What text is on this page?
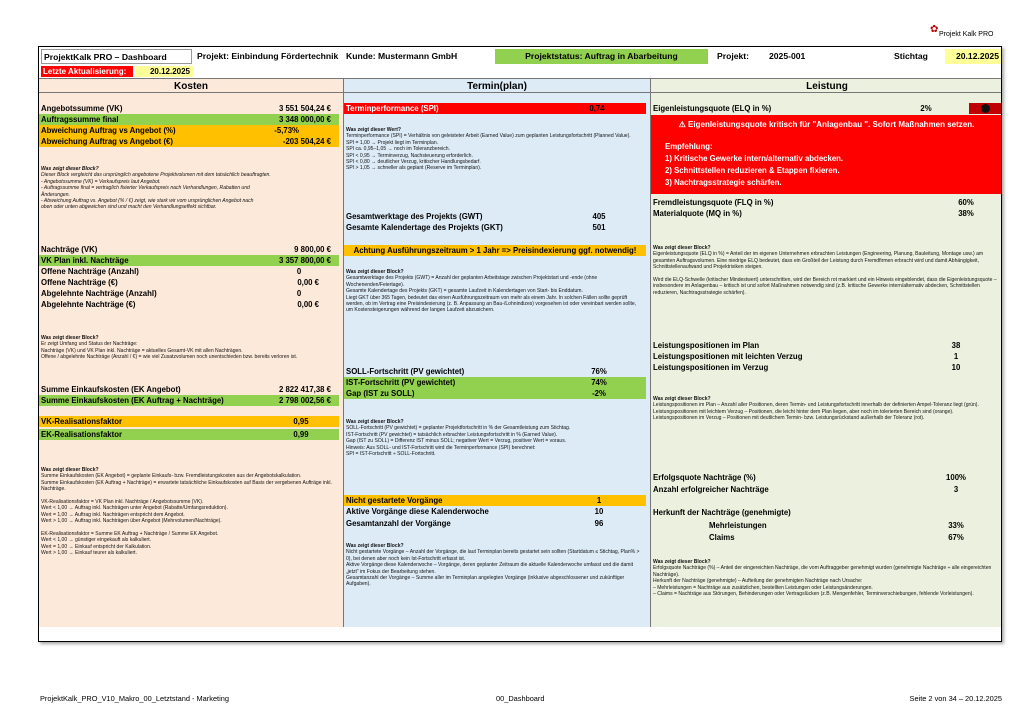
✿ Projekt Kalk PRO
ProjektKalk PRO – Dashboard	Projekt: Einbindung Fördertechnik Kunde: Mustermann GmbH	Projektstatus: Auftrag in Abarbeitung	Projekt:	2025-001	Stichtag	20.12.2025
Letzte Aktualisierung:	20.12.2025
Kosten	Termin(plan)	Leistung
Angebotssumme (VK)	3 551 504,24 €
Auftragssumme final	3 348 000,00 €
Abweichung Auftrag vs Angebot (%)	-5,73%
Abweichung Auftrag vs Angebot (€)	-203 504,24 €
Was zeigt dieser Block?
Dieser Block vergleicht das ursprünglich angebotene Projektvolumen mit dem tatsächlich beauftragten.
- Angebotssumme (VK) = Verkaufspreis laut Angebot.
- Auftragssumme final = vertraglich fixierter Verkaufspreis nach Verhandlungen, Rabatten und
Änderungen.
- Abweichung Auftrag vs. Angebot (% / €) zeigt, wie stark wir vom ursprünglichen Angebot nach
oben oder unten abgewichen sind und macht den Verhandlungseffekt sichtbar.
Nachträge (VK)	9 800,00 €
VK Plan inkl. Nachträge	3 357 800,00 €
Offene Nachträge (Anzahl)	0
Offene Nachträge (€)	0,00 €
Abgelehnte Nachträge (Anzahl)	0
Abgelehnte Nachträge (€)	0,00 €
Was zeigt dieser Block?
Er zeigt Umfang und Status der Nachträge:
Nachträge (VK) und VK Plan inkl. Nachträge = aktuelles Gesamt-VK mit allen Nachträgen.
Offene / abgelehnte Nachträge (Anzahl / €) = wie viel Zusatzvolumen noch unentschieden bzw. bereits verloren ist.
Summe Einkaufskosten (EK Angebot)	2 822 417,38 €
Summe Einkaufskosten (EK Auftrag + Nachträge)	2 798 002,56 €
VK-Realisationsfaktor	0,95
EK-Realisationsfaktor	0,99
Was zeigt dieser Block?
Summe Einkaufskosten (EK Angebot) = geplante Einkaufs- bzw. Fremdleistungskosten aus der Angebotskalkulation.
Summe Einkaufskosten (EK Auftrag + Nachträge) = erwartete tatsächliche Einkaufskosten auf Basis der vergebenen Aufträge inkl. Nachträge.

VK-Realisationsfaktor = VK Plan inkl. Nachträge / Angebotssumme (VK).
Wert < 1,00 → Auftrag inkl. Nachträgen unter Angebot (Rabatte/Umfangsreduktion).
Wert = 1,00 → Auftrag inkl. Nachträgen entspricht dem Angebot.
Wert > 1,00 → Auftrag inkl. Nachträgen über Angebot (Mehrvolumen/Nachträge).

EK-Realisationsfaktor = Summe EK Auftrag + Nachträge / Summe EK Angebot.
Wert < 1,00 → günstiger eingekauft als kalkuliert.
Wert = 1,00 → Einkauf entspricht der Kalkulation.
Wert > 1,00 → Einkauf teurer als kalkuliert.
Terminperformance (SPI)	0,74
Was zeigt dieser Wert?
Terminperformance (SPI) = Verhältnis von geleisteter Arbeit (Earned Value) zum geplanten Leistungsfortschritt (Planned Value).
SPI = 1,00 → Projekt liegt im Terminplan.
SPI ca. 0,95–1,05 → noch im Toleranzbereich.
SPI < 0,95 → Terminverzug, Nachsteuerung erforderlich.
SPI < 0,80 → deutlicher Verzug, kritischer Handlungsbedarf.
SPI > 1,05 → schneller als geplant (Reserve im Terminplan).
Gesamtwerktage des Projekts (GWT)	405
Gesamte Kalendertage des Projekts (GKT)	501
Achtung Ausführungszeitraum > 1 Jahr => Preisindexierung ggf. notwendig!
Was zeigt dieser Block?
Gesamtwerktage des Projekts (GWT) = Anzahl der geplanten Arbeitstage zwischen Projektstart und -ende (ohne Wochenenden/Feiertage).
Gesamte Kalendertage des Projekts (GKT) = gesamte Laufzeit in Kalendertagen von Start- bis Enddatum.
Liegt GKT über 365 Tagen, bedeutet das einen Ausführungszeitraum von mehr als einem Jahr. In solchen Fällen sollte geprüft werden, ob im Vertrag eine Preisindexierung (z. B. Anpassung an Bau-/Lohnindizes) vorgesehen ist oder vereinbart werden sollte, um Kostensteigerungen während der langen Laufzeit abzusichern.
SOLL-Fortschritt (PV gewichtet)	76%
IST-Fortschritt (PV gewichtet)	74%
Gap (IST zu SOLL)	-2%
Was zeigt dieser Block?
SOLL-Fortschritt (PV gewichtet) = geplanter Projektfortschritt in % der Gesamtleistung zum Stichtag.
IST-Fortschritt (PV gewichtet) = tatsächlich erbrachter Leistungsfortschritt in % (Earned Value).
Gap (IST zu SOLL) = Differenz IST minus SOLL; negativer Wert = Verzug, positiver Wert = voraus.
Hinweis: Aus SOLL- und IST-Fortschritt wird die Terminperformance (SPI) berechnet:
SPI = IST-Fortschritt ÷ SOLL-Fortschritt.
Nicht gestartete Vorgänge	1
Aktive Vorgänge diese Kalenderwoche	10
Gesamtanzahl der Vorgänge	96
Was zeigt dieser Block?
Nicht gestartete Vorgänge – Anzahl der Vorgänge, die laut Terminplan bereits gestartet sein sollten (Startdatum ≤ Stichtag, Plan% > 0), bei denen aber noch kein Ist-Fortschritt erfasst ist.
Aktive Vorgänge diese Kalenderwoche – Vorgänge, deren geplanter Zeitraum die aktuelle Kalenderwoche umfasst und die damit „jetzt“ im Fokus der Bearbeitung stehen.
Gesamtanzahl der Vorgänge – Summe aller im Terminplan angelegten Vorgänge (inklusive abgeschlossener und zukünftiger Aufgaben).
Eigenleistungsquote (ELQ in %)	2%
⚠ Eigenleistungsquote kritisch für "Anlagenbau ". Sofort Maßnahmen setzen.
Empfehlung:
1) Kritische Gewerke intern/alternativ abdecken.
2) Schnittstellen reduzieren & Etappen fixieren.
3) Nachtragsstrategie schärfen.
Fremdleistungsquote (FLQ in %)	60%
Materialquote (MQ in %)	38%
Was zeigt dieser Block?
Eigenleistungsquote (ELQ in %) = Anteil der im eigenen Unternehmen erbrachten Leistungen (Engineering, Planung, Bauleitung, Montage usw.) am gesamten Auftragsvolumen. Eine niedrige ELQ bedeutet, dass ein Großteil der Leistung durch Fremdfirmen erbracht wird und damit Abhängigkeit, Schnittstellenaufwand und Projektrisiken steigen.

Wird die ELQ-Schwelle (kritischer Mindestwert) unterschritten, wird der Bereich rot markiert und ein Hinweis eingeblendet, dass die Eigenleistungsquote – insbesondere im Anlagenbau – kritisch ist und sofort Maßnahmen notwendig sind (z.B. kritische Gewerke intern/alternativ abdecken, Schnittstellen reduzieren, Nachtragsstrategie schärfen).
Leistungspositionen im Plan	38
Leistungspositionen mit leichten Verzug	1
Leistungspositionen im Verzug	10
Was zeigt dieser Block?
Leistungspositionen im Plan – Anzahl aller Positionen, deren Termin- und Leistungsfortschritt innerhalb der definierten Ampel-Toleranz liegt (grün).
Leistungspositionen mit leichtem Verzug – Positionen, die leicht hinter dem Plan liegen, aber noch im tolerierten Bereich sind (orange).
Leistungspositionen im Verzug – Positionen mit deutlichem Termin- bzw. Leistungsrückstand außerhalb der Toleranz (rot).
Erfolgsquote Nachträge (%)	100%
Anzahl erfolgreicher Nachträge	3
Herkunft der Nachträge (genehmigte)
Mehrleistungen	33%
Claims	67%
Was zeigt dieser Block?
Erfolgsquote Nachträge (%) – Anteil der eingereichten Nachträge, die vom Auftraggeber genehmigt wurden (genehmigte Nachträge ÷ alle eingereichten Nachträge).
Herkunft der Nachträge (genehmigte) – Aufteilung der genehmigten Nachträge nach Ursache:
– Mehrleistungen = Nachträge aus zusätzlichen, bestellten Leistungen oder Leistungsänderungen.
– Claims = Nachträge aus Störungen, Behinderungen oder Vertragslücken (z.B. Mengenfehler, Terminverschiebungen, fehlende Vorleistungen).
ProjektKalk_PRO_V10_Makro_00_Letztstand - Marketing	00_Dashboard	Seite 2 von 34 – 20.12.2025
